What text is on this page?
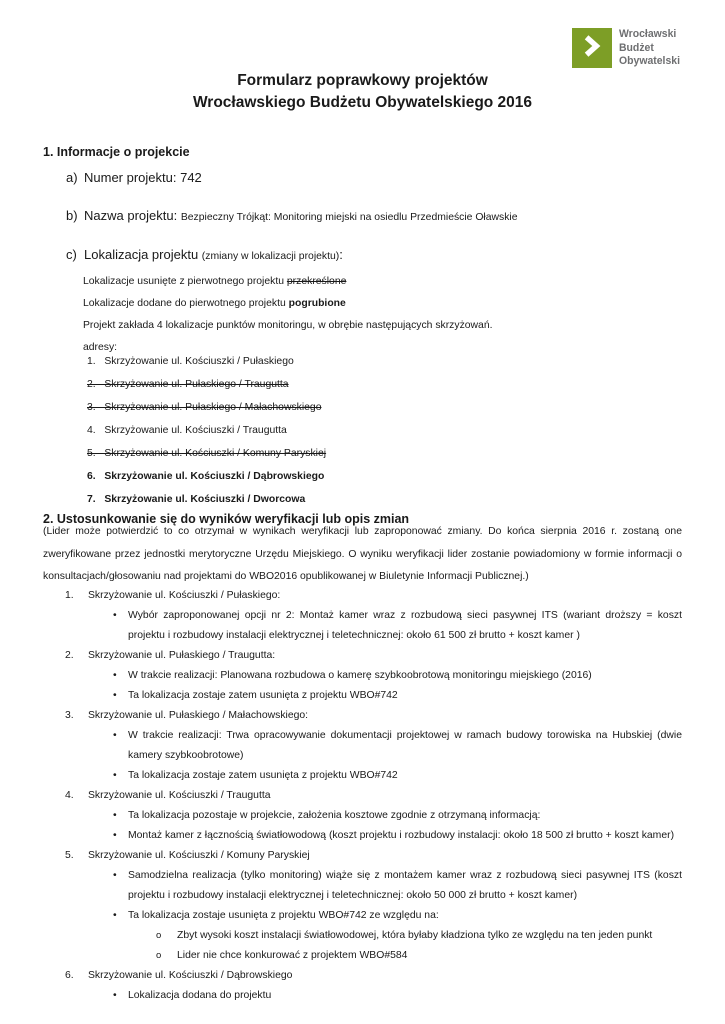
Wrocławski
Budżet
Obywatelski
Formularz poprawkowy projektów
Wrocławskiego Budżetu Obywatelskiego 2016
1. Informacje o projekcie
a) Numer projektu: 742
b) Nazwa projektu: Bezpieczny Trójkąt: Monitoring miejski na osiedlu Przedmieście Oławskie
c) Lokalizacja projektu (zmiany w lokalizacji projektu):
Lokalizacje usunięte z pierwotnego projektu przekreślone
Lokalizacje dodane do pierwotnego projektu pogrubione
Projekt zakłada 4 lokalizacje punktów monitoringu, w obrębie następujących skrzyżowań.
adresy:
1.   Skrzyżowanie ul. Kościuszki / Pułaskiego
2.   Skrzyżowanie ul. Pułaskiego / Traugutta
3.   Skrzyżowanie ul. Pułaskiego / Małachowskiego
4.   Skrzyżowanie ul. Kościuszki / Traugutta
5.   Skrzyżowanie ul. Kościuszki / Komuny Paryskiej
6.   Skrzyżowanie ul. Kościuszki / Dąbrowskiego
7.   Skrzyżowanie ul. Kościuszki / Dworcowa
2. Ustosunkowanie się do wyników weryfikacji lub opis zmian
(Lider może potwierdzić to co otrzymał w wynikach weryfikacji lub zaproponować zmiany. Do końca sierpnia 2016 r. zostaną one zweryfikowane przez jednostki merytoryczne Urzędu Miejskiego. O wyniku weryfikacji lider zostanie powiadomiony w formie informacji o konsultacjach/głosowaniu nad projektami do WBO2016 opublikowanej w Biuletynie Informacji Publicznej.)
1. Skrzyżowanie ul. Kościuszki / Pułaskiego:
• Wybór zaproponowanej opcji nr 2: Montaż kamer wraz z rozbudową sieci pasywnej ITS (wariant droższy = koszt projektu i rozbudowy instalacji elektrycznej i teletechnicznej: około 61 500 zł brutto + koszt kamer )
2. Skrzyżowanie ul. Pułaskiego / Traugutta:
• W trakcie realizacji: Planowana rozbudowa o kamerę szybkoobrotową monitoringu miejskiego (2016)
• Ta lokalizacja zostaje zatem usunięta z projektu WBO#742
3. Skrzyżowanie ul. Pułaskiego / Małachowskiego:
• W trakcie realizacji: Trwa opracowywanie dokumentacji projektowej w ramach budowy torowiska na Hubskiej (dwie kamery szybkoobrotowe)
• Ta lokalizacja zostaje zatem usunięta z projektu WBO#742
4. Skrzyżowanie ul. Kościuszki / Traugutta
• Ta lokalizacja pozostaje w projekcie, założenia kosztowe zgodnie z otrzymaną informacją:
• Montaż kamer z łącznością światłowodową (koszt projektu i rozbudowy instalacji: około 18 500 zł brutto + koszt kamer)
5. Skrzyżowanie ul. Kościuszki / Komuny Paryskiej
• Samodzielna realizacja (tylko monitoring) wiąże się z montażem kamer wraz z rozbudową sieci pasywnej ITS (koszt projektu i rozbudowy instalacji elektrycznej i teletechnicznej: około 50 000 zł brutto + koszt kamer)
• Ta lokalizacja zostaje usunięta z projektu WBO#742 ze względu na:
o Zbyt wysoki koszt instalacji światłowodowej, która byłaby kładziona tylko ze względu na ten jeden punkt
o Lider nie chce konkurować z projektem WBO#584
6. Skrzyżowanie ul. Kościuszki / Dąbrowskiego
• Lokalizacja dodana do projektu
